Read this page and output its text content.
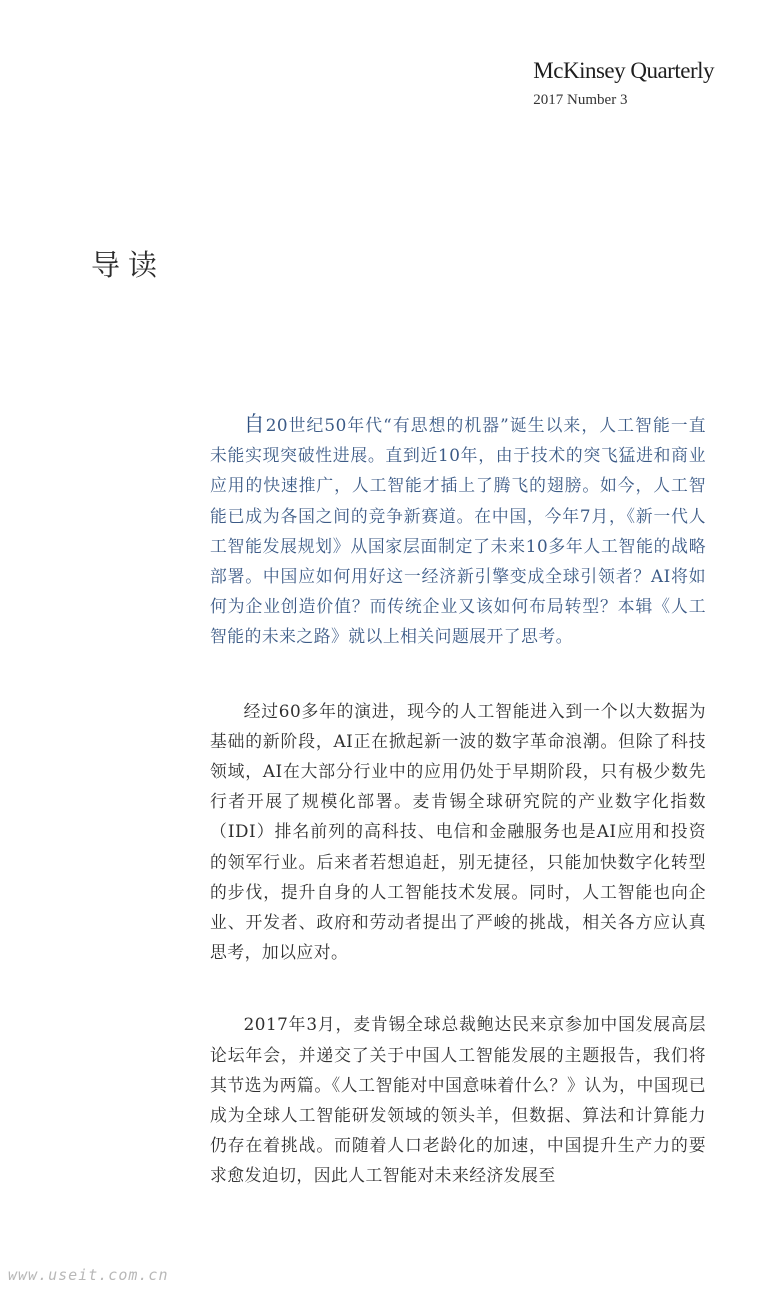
McKinsey Quarterly
2017 Number 3
导读

自20世纪50年代“有思想的机器”诞生以来，人工智能一直未能实现突破性进展。直到近10年，由于技术的突飞猛进和商业应用的快速推广，人工智能才插上了腾飞的翅膀。如今，人工智能已成为各国之间的竞争新赛道。在中国，今年7月，《新一代人工智能发展规划》从国家层面制定了未来10多年人工智能的战略部署。中国应如何用好这一经济新引擎变成全球引领者？AI将如何为企业创造价值？而传统企业又该如何布局转型？本辑《人工智能的未来之路》就以上相关问题展开了思考。

经过60多年的演进，现今的人工智能进入到一个以大数据为基础的新阶段，AI正在掀起新一波的数字革命浪潮。但除了科技领域，AI在大部分行业中的应用仍处于早期阶段，只有极少数先行者开展了规模化部署。麦肯锡全球研究院的产业数字化指数（IDI）排名前列的高科技、电信和金融服务也是AI应用和投资的领军行业。后来者若想追赶，别无捷径，只能加快数字化转型的步伐，提升自身的人工智能技术发展。同时，人工智能也向企业、开发者、政府和劳动者提出了严峻的挑战，相关各方应认真思考，加以应对。

2017年3月，麦肯锡全球总裁鲍达民来京参加中国发展高层论坛年会，并递交了关于中国人工智能发展的主题报告，我们将其节选为两篇。《人工智能对中国意味着什么？》认为，中国现已成为全球人工智能研发领域的领头羊，但数据、算法和计算能力仍存在着挑战。而随着人口老龄化的加速，中国提升生产力的要求愈发迫切，因此人工智能对未来经济发展至

www.useit.com.cn
